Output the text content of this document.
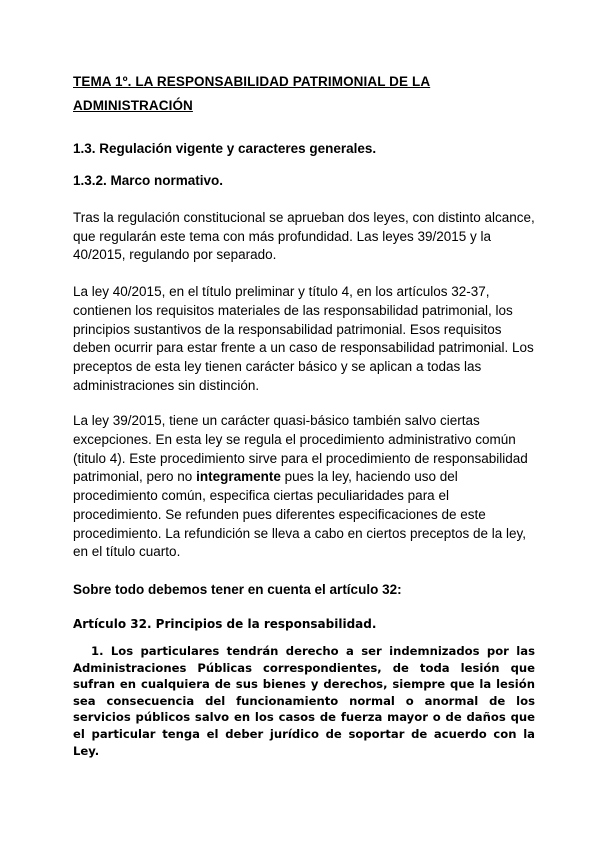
TEMA 1º. LA RESPONSABILIDAD PATRIMONIAL DE LA
ADMINISTRACIÓN

1.3. Regulación vigente y caracteres generales.

1.3.2. Marco normativo.

Tras la regulación constitucional se aprueban dos leyes, con distinto alcance, que regularán este tema con más profundidad. Las leyes 39/2015 y la 40/2015, regulando por separado.

La ley 40/2015, en el título preliminar y título 4, en los artículos 32-37, contienen los requisitos materiales de las responsabilidad patrimonial, los principios sustantivos de la responsabilidad patrimonial. Esos requisitos deben ocurrir para estar frente a un caso de responsabilidad patrimonial. Los preceptos de esta ley tienen carácter básico y se aplican a todas las administraciones sin distinción.

La ley 39/2015, tiene un carácter quasi-básico también salvo ciertas excepciones. En esta ley se regula el procedimiento administrativo común (titulo 4). Este procedimiento sirve para el procedimiento de responsabilidad patrimonial, pero no integramente pues la ley, haciendo uso del procedimiento común, especifica ciertas peculiaridades para el procedimiento. Se refunden pues diferentes especificaciones de este procedimiento. La refundición se lleva a cabo en ciertos preceptos de la ley, en el título cuarto.

Sobre todo debemos tener en cuenta el artículo 32:

Artículo 32. Principios de la responsabilidad.

1. Los particulares tendrán derecho a ser indemnizados por las Administraciones Públicas correspondientes, de toda lesión que sufran en cualquiera de sus bienes y derechos, siempre que la lesión sea consecuencia del funcionamiento normal o anormal de los servicios públicos salvo en los casos de fuerza mayor o de daños que el particular tenga el deber jurídico de soportar de acuerdo con la Ley.
